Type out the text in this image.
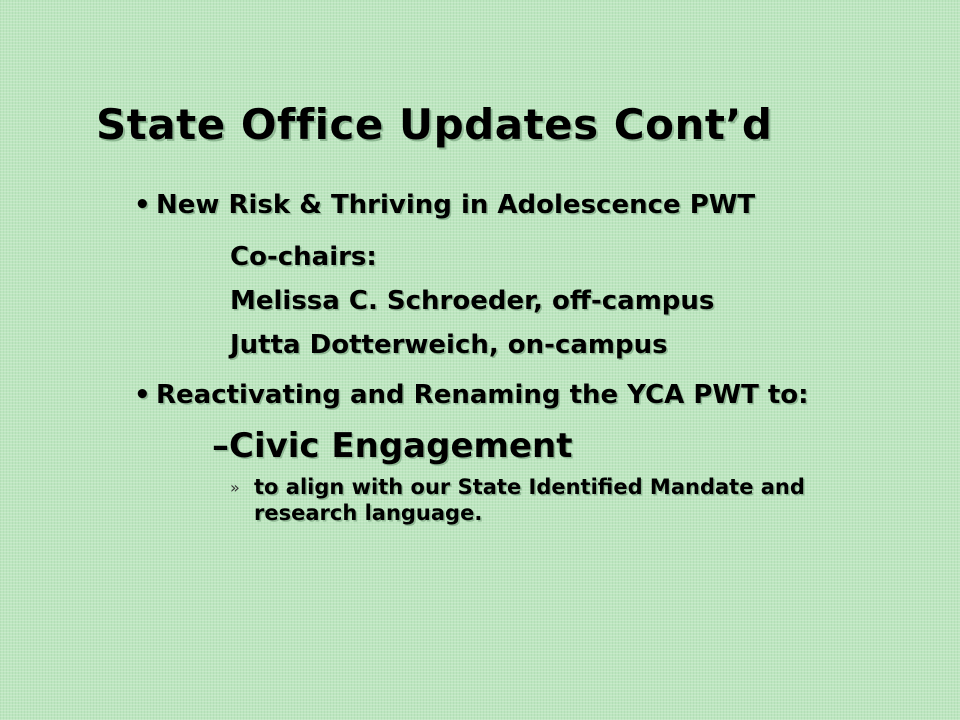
State Office Updates Cont’d
• New Risk & Thriving in Adolescence PWT
Co-chairs:
Melissa C. Schroeder, off-campus
Jutta Dotterweich, on-campus
• Reactivating and Renaming the YCA PWT to:
–Civic Engagement
» to align with our State Identified Mandate and research language.
